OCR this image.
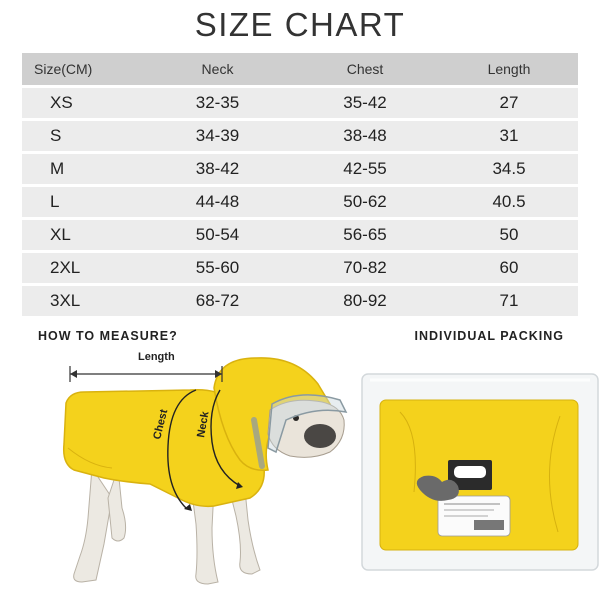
SIZE CHART
Size(CM)	Neck	Chest	Length
XS	32-35	35-42	27
S	34-39	38-48	31
M	38-42	42-55	34.5
L	44-48	50-62	40.5
XL	50-54	56-65	50
2XL	55-60	70-82	60
3XL	68-72	80-92	71
HOW TO MEASURE?	INDIVIDUAL PACKING
Length
Chest Neck
